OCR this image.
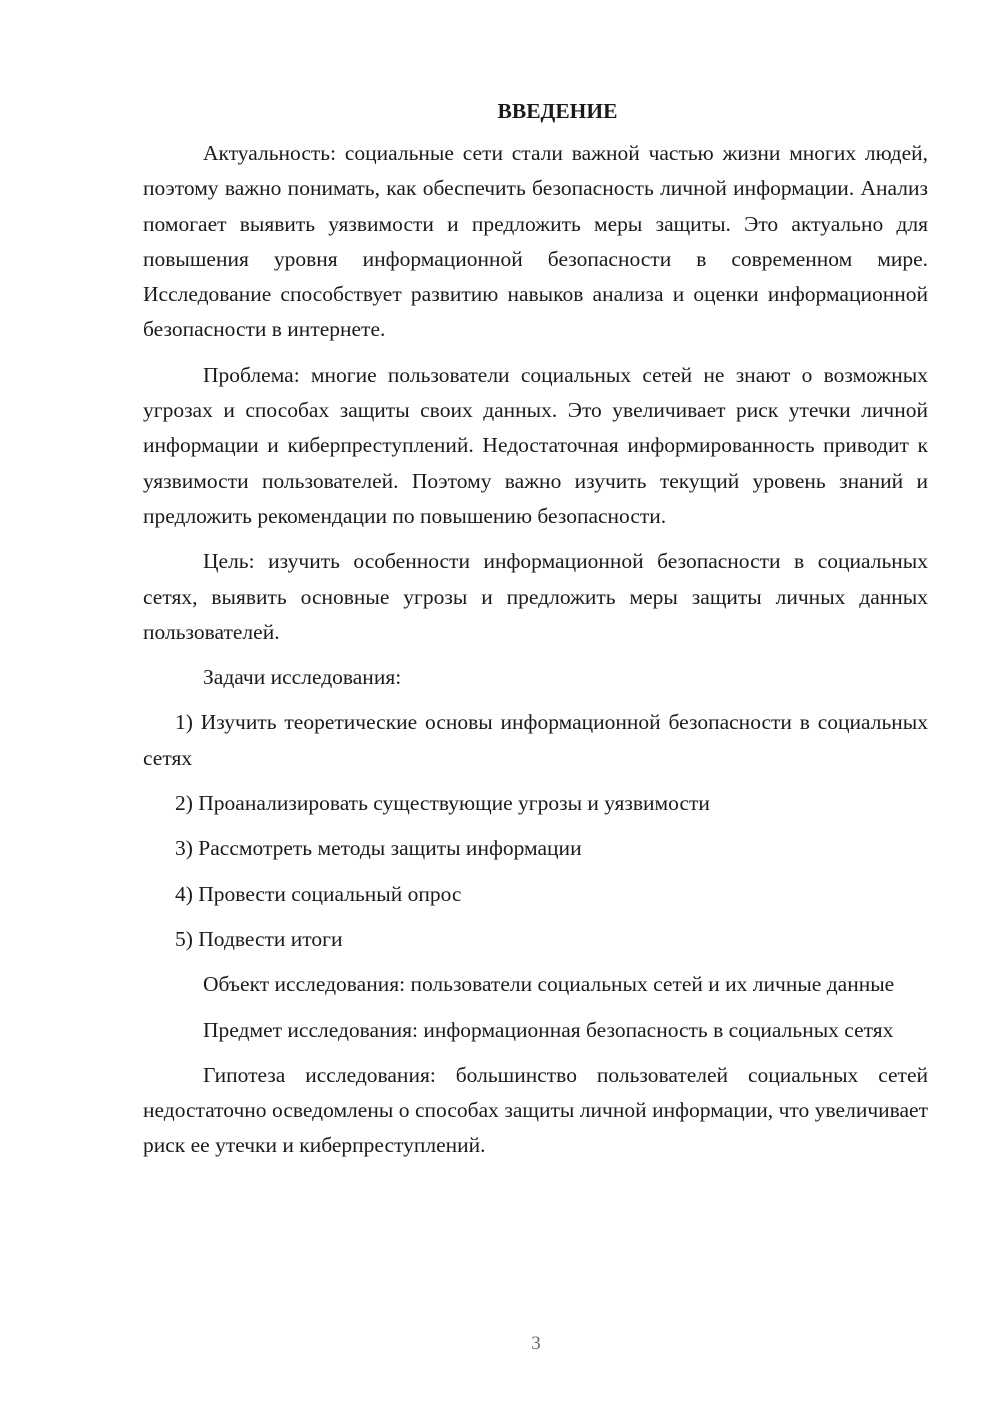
ВВЕДЕНИЕ

Актуальность: социальные сети стали важной частью жизни многих людей, поэтому важно понимать, как обеспечить безопасность личной информации. Анализ помогает выявить уязвимости и предложить меры защиты. Это актуально для повышения уровня информационной безопасности в современном мире. Исследование способствует развитию навыков анализа и оценки информационной безопасности в интернете.

Проблема: многие пользователи социальных сетей не знают о возможных угрозах и способах защиты своих данных. Это увеличивает риск утечки личной информации и киберпреступлений. Недостаточная информированность приводит к уязвимости пользователей. Поэтому важно изучить текущий уровень знаний и предложить рекомендации по повышению безопасности.

Цель: изучить особенности информационной безопасности в социальных сетях, выявить основные угрозы и предложить меры защиты личных данных пользователей.

Задачи исследования:

1) Изучить теоретические основы информационной безопасности в социальных сетях

2) Проанализировать существующие угрозы и уязвимости

3) Рассмотреть методы защиты информации

4) Провести социальный опрос

5) Подвести итоги

Объект исследования: пользователи социальных сетей и их личные данные

Предмет исследования: информационная безопасность в социальных сетях

Гипотеза исследования: большинство пользователей социальных сетей недостаточно осведомлены о способах защиты личной информации, что увеличивает риск ее утечки и киберпреступлений.

3
